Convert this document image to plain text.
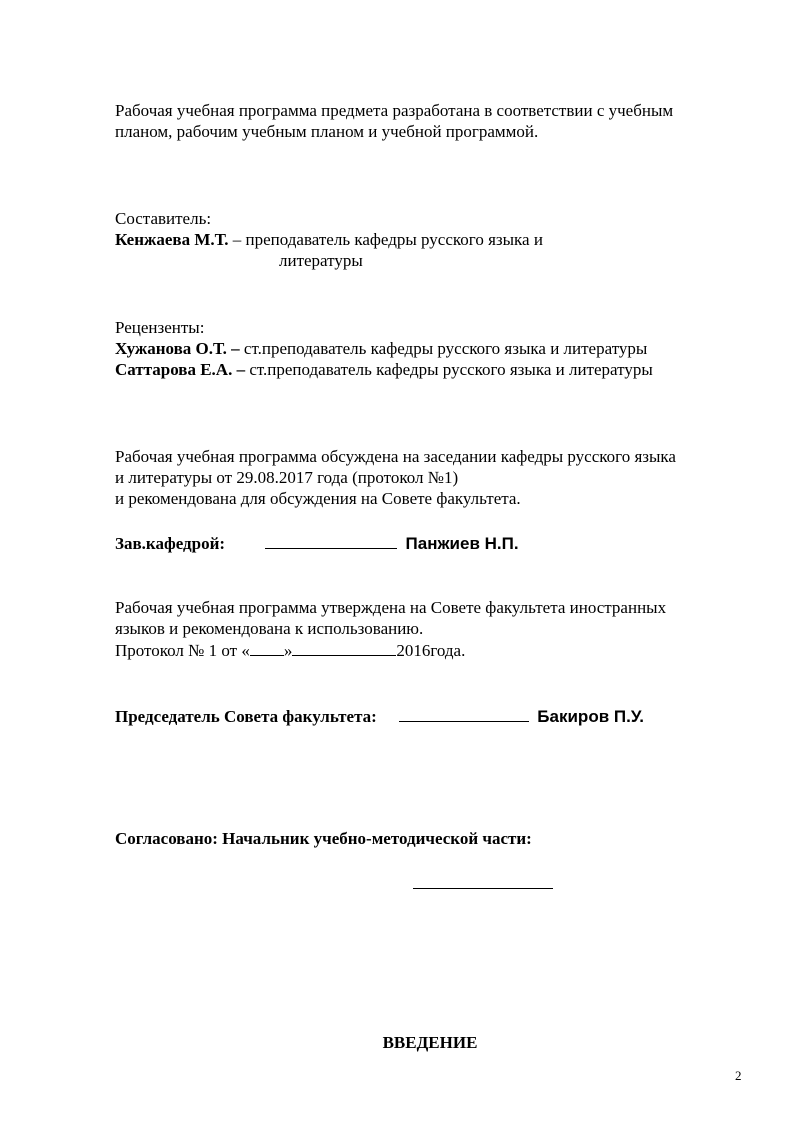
Рабочая учебная программа предмета разработана в соответствии с учебным
планом, рабочим учебным планом и учебной программой.
Составитель:
Кенжаева М.Т. – преподаватель кафедры русского языка и
литературы
Рецензенты:
Хужанова О.Т. – ст.преподаватель кафедры русского языка и литературы
Саттарова Е.А. – ст.преподаватель кафедры русского языка и литературы
Рабочая учебная программа обсуждена на заседании кафедры русского языка
и литературы от 29.08.2017 года (протокол №1)
и рекомендована для обсуждения на Совете факультета.
Зав.кафедрой:	Панжиев Н.П.
Рабочая учебная программа утверждена на Совете факультета иностранных
языков и рекомендована к использованию.
Протокол № 1 от « »	2016года.
Председатель Совета факультета:	Бакиров П.У.
Согласовано: Начальник учебно-методической части:
ВВЕДЕНИЕ
2
